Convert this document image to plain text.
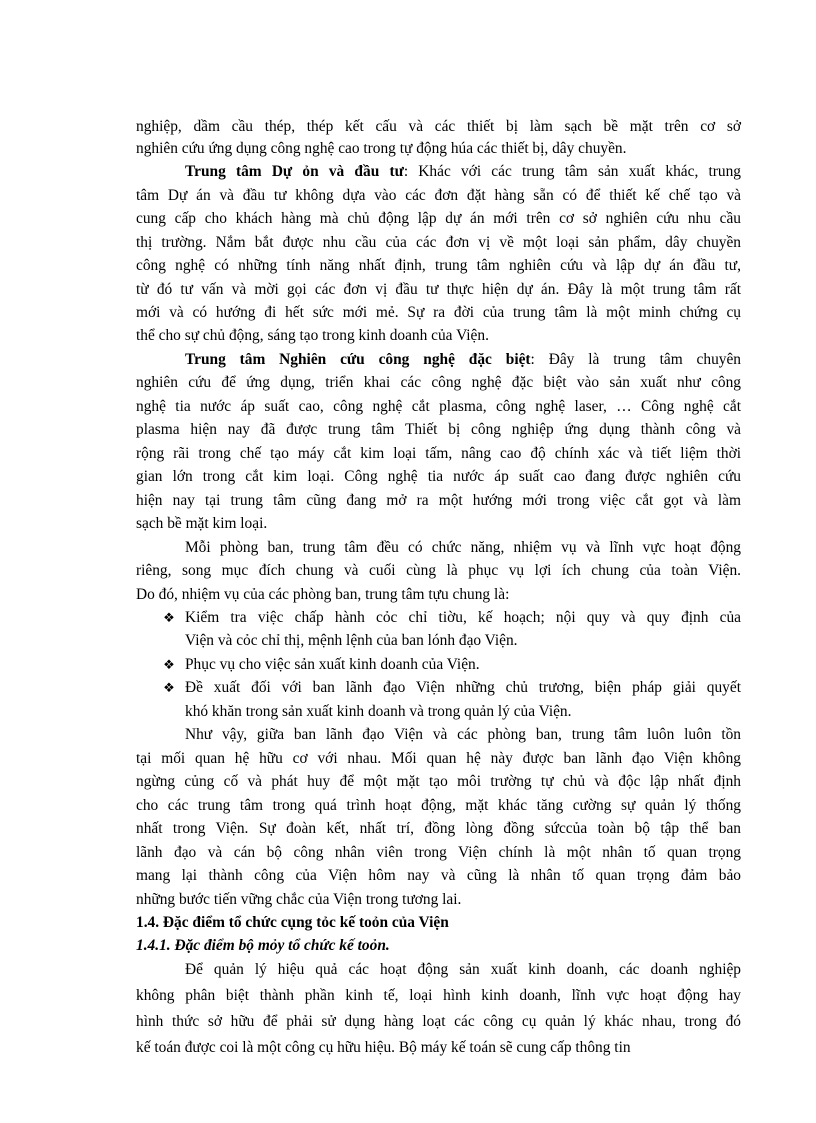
nghiệp, dầm cầu thép, thép kết cấu và các thiết bị làm sạch bề mặt trên cơ sở
nghiên cứu ứng dụng công nghệ cao trong tự động húa các thiết bị, dây chuyền.
Trung tâm Dự ỏn và đầu tư: Khác với các trung tâm sản xuất khác, trung
tâm Dự án và đầu tư không dựa vào các đơn đặt hàng sẵn có để thiết kế chế tạo và
cung cấp cho khách hàng mà chủ động lập dự án mới trên cơ sở nghiên cứu nhu cầu
thị trường. Nắm bắt được nhu cầu của các đơn vị về một loại sản phẩm, dây chuyền
công nghệ có những tính năng nhất định, trung tâm nghiên cứu và lập dự án đầu tư,
từ đó tư vấn và mời gọi các đơn vị đầu tư thực hiện dự án. Đây là một trung tâm rất
mới và có hướng đi hết sức mới mẻ. Sự ra đời của trung tâm là một minh chứng cụ
thể cho sự chủ động, sáng tạo trong kinh doanh của Viện.
Trung tâm Nghiên cứu công nghệ đặc biệt: Đây là trung tâm chuyên
nghiên cứu để ứng dụng, triển khai các công nghệ đặc biệt vào sản xuất như công
nghệ tia nước áp suất cao, công nghệ cắt plasma, công nghệ laser, … Công nghệ cắt
plasma hiện nay đã được trung tâm Thiết bị công nghiệp ứng dụng thành công và
rộng rãi trong chế tạo máy cắt kim loại tấm, nâng cao độ chính xác và tiết liệm thời
gian lớn trong cắt kim loại. Công nghệ tia nước áp suất cao đang được nghiên cứu
hiện nay tại trung tâm cũng đang mở ra một hướng mới trong việc cắt gọt và làm
sạch bề mặt kim loại.
Mỗi phòng ban, trung tâm đều có chức năng, nhiệm vụ và lĩnh vực hoạt động
riêng, song mục đích chung và cuối cùng là phục vụ lợi ích chung của toàn Viện.
Do đó, nhiệm vụ của các phòng ban, trung tâm tựu chung là:
❖ Kiểm tra việc chấp hành cỏc chỉ tiờu, kế hoạch; nội quy và quy định của
Viện và cỏc chỉ thị, mệnh lệnh của ban lónh đạo Viện.
❖ Phục vụ cho việc sản xuất kinh doanh của Viện.
❖ Đề xuất đối với ban lãnh đạo Viện những chủ trương, biện pháp giải quyết
khó khăn trong sản xuất kinh doanh và trong quản lý của Viện.
Như vậy, giữa ban lãnh đạo Viện và các phòng ban, trung tâm luôn luôn tồn
tại mối quan hệ hữu cơ với nhau. Mối quan hệ này được ban lãnh đạo Viện không
ngừng củng cố và phát huy để một mặt tạo môi trường tự chủ và độc lập nhất định
cho các trung tâm trong quá trình hoạt động, mặt khác tăng cường sự quản lý thống
nhất trong Viện. Sự đoàn kết, nhất trí, đồng lòng đồng sứccủa toàn bộ tập thể ban
lãnh đạo và cán bộ công nhân viên trong Viện chính là một nhân tố quan trọng
mang lại thành công của Viện hôm nay và cũng là nhân tố quan trọng đảm bảo
những bước tiến vững chắc của Viện trong tương lai.
1.4. Đặc điểm tổ chức cụng tỏc kế toỏn của Viện
1.4.1. Đặc điểm bộ mỏy tổ chức kế toỏn.
Để quản lý hiệu quả các hoạt động sản xuất kinh doanh, các doanh nghiệp
không phân biệt thành phần kinh tế, loại hình kinh doanh, lĩnh vực hoạt động hay
hình thức sở hữu để phải sử dụng hàng loạt các công cụ quản lý khác nhau, trong đó
kế toán được coi là một công cụ hữu hiệu. Bộ máy kế toán sẽ cung cấp thông tin
